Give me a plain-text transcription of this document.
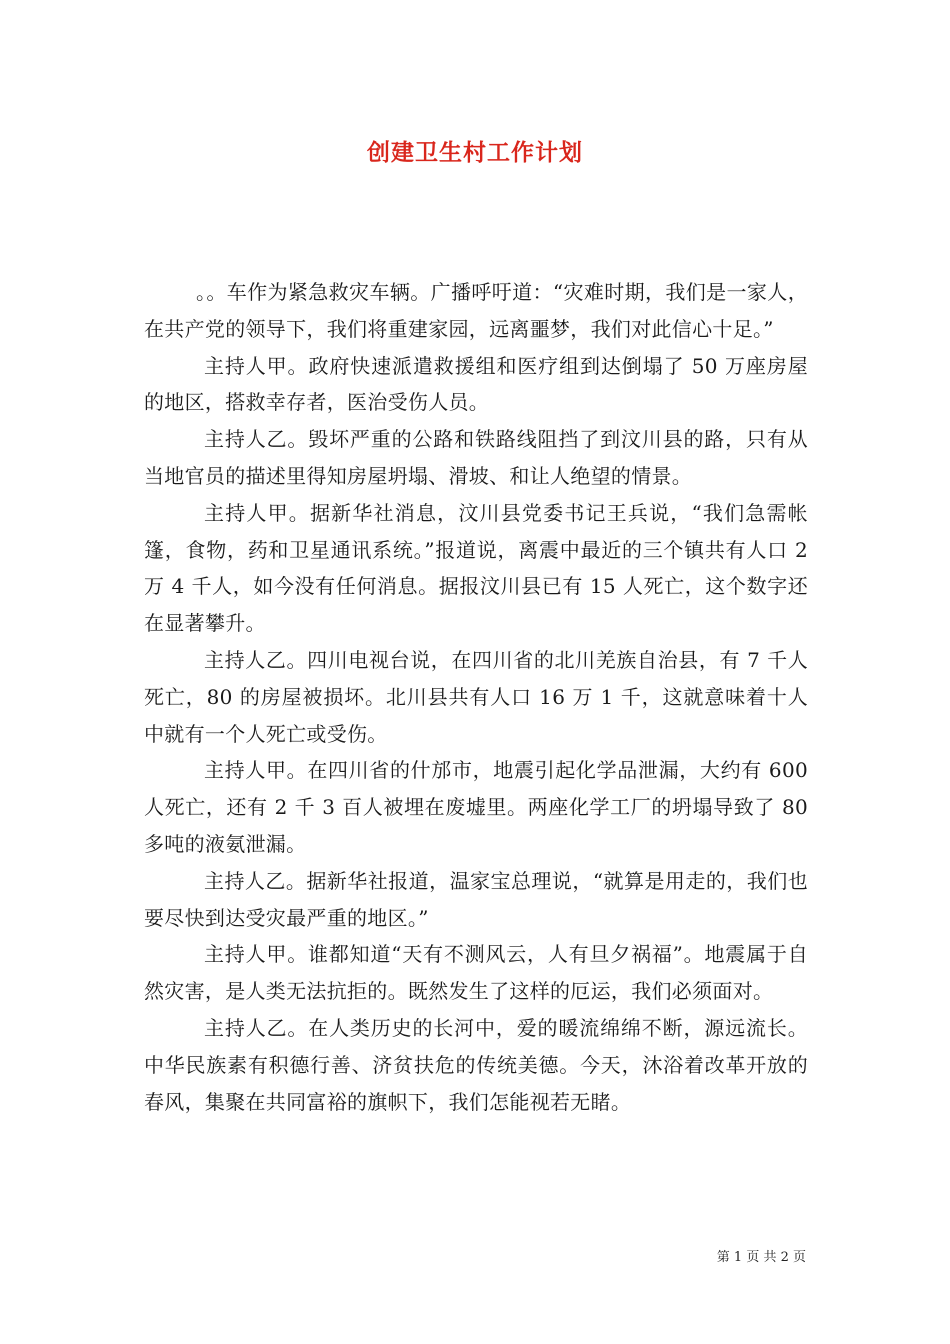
创建卫生村工作计划

。。车作为紧急救灾车辆。广播呼吁道：“灾难时期，我们是一家人，在共产党的领导下，我们将重建家园，远离噩梦，我们对此信心十足。”

主持人甲。政府快速派遣救援组和医疗组到达倒塌了 50 万座房屋的地区，搭救幸存者，医治受伤人员。

主持人乙。毁坏严重的公路和铁路线阻挡了到汶川县的路，只有从当地官员的描述里得知房屋坍塌、滑坡、和让人绝望的情景。

主持人甲。据新华社消息，汶川县党委书记王兵说，“我们急需帐篷，食物，药和卫星通讯系统。”报道说，离震中最近的三个镇共有人口 2 万 4 千人，如今没有任何消息。据报汶川县已有 15 人死亡，这个数字还在显著攀升。

主持人乙。四川电视台说，在四川省的北川羌族自治县，有 7 千人死亡，80 的房屋被损坏。北川县共有人口 16 万 1 千，这就意味着十人中就有一个人死亡或受伤。

主持人甲。在四川省的什邡市，地震引起化学品泄漏，大约有 600 人死亡，还有 2 千 3 百人被埋在废墟里。两座化学工厂的坍塌导致了 80 多吨的液氨泄漏。

主持人乙。据新华社报道，温家宝总理说，“就算是用走的，我们也要尽快到达受灾最严重的地区。”

主持人甲。谁都知道“天有不测风云，人有旦夕祸福”。地震属于自然灾害，是人类无法抗拒的。既然发生了这样的厄运，我们必须面对。

主持人乙。在人类历史的长河中，爱的暖流绵绵不断，源远流长。中华民族素有积德行善、济贫扶危的传统美德。今天，沐浴着改革开放的春风，集聚在共同富裕的旗帜下，我们怎能视若无睹。

第 1 页 共 2 页
